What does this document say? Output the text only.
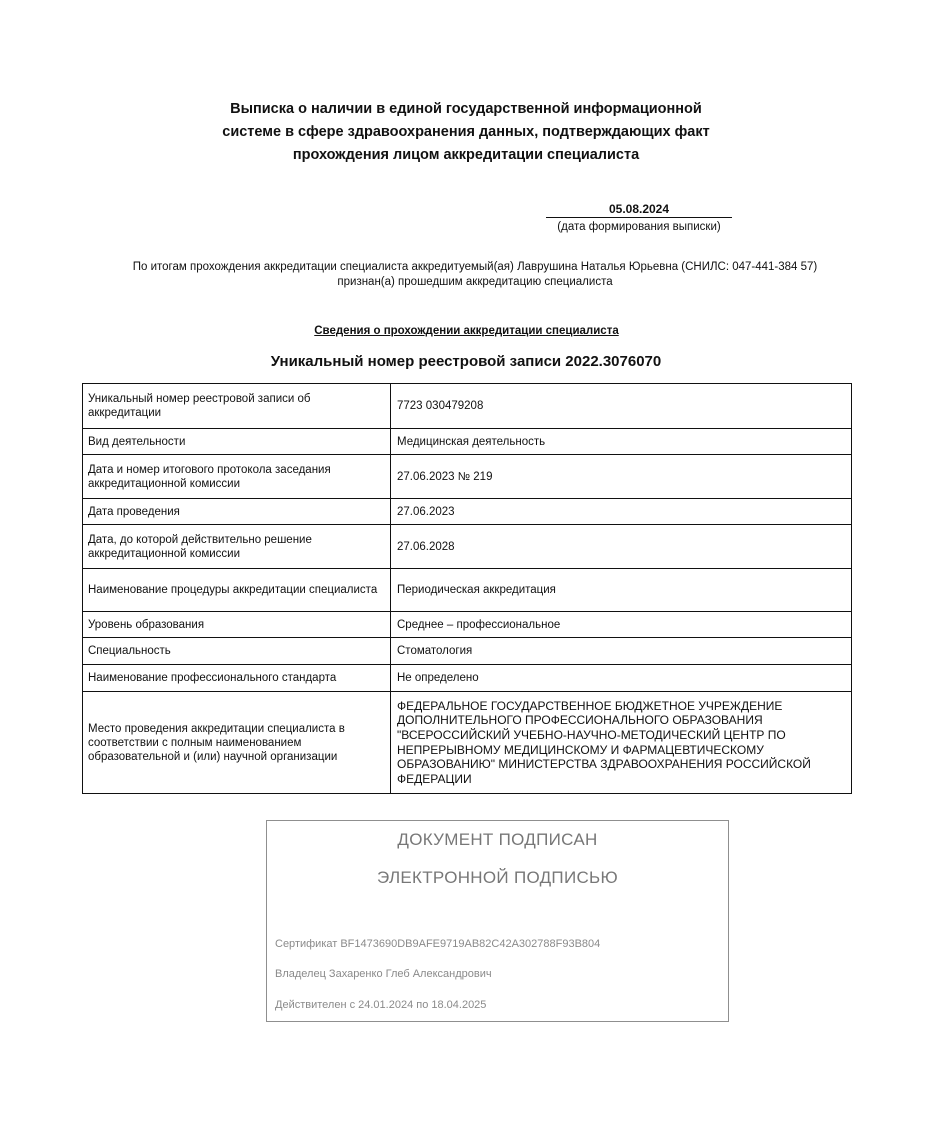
Выписка о наличии в единой государственной информационной
системе в сфере здравоохранения данных, подтверждающих факт
прохождения лицом аккредитации специалиста
05.08.2024
(дата формирования выписки)
По итогам прохождения аккредитации специалиста аккредитуемый(ая) Лаврушина Наталья Юрьевна (СНИЛС: 047-441-384 57)
признан(а) прошедшим аккредитацию специалиста
Сведения о прохождении аккредитации специалиста
Уникальный номер реестровой записи 2022.3076070
Уникальный номер реестровой записи об аккредитации	7723 030479208
Вид деятельности	Медицинская деятельность
Дата и номер итогового протокола заседания аккредитационной комиссии	27.06.2023 № 219
Дата проведения	27.06.2023
Дата, до которой действительно решение аккредитационной комиссии	27.06.2028
Наименование процедуры аккредитации специалиста	Периодическая аккредитация
Уровень образования	Среднее – профессиональное
Специальность	Стоматология
Наименование профессионального стандарта	Не определено
Место проведения аккредитации специалиста в соответствии с полным наименованием образовательной и (или) научной организации	ФЕДЕРАЛЬНОЕ ГОСУДАРСТВЕННОЕ БЮДЖЕТНОЕ УЧРЕЖДЕНИЕ ДОПОЛНИТЕЛЬНОГО ПРОФЕССИОНАЛЬНОГО ОБРАЗОВАНИЯ "ВСЕРОССИЙСКИЙ УЧЕБНО-НАУЧНО-МЕТОДИЧЕСКИЙ ЦЕНТР ПО НЕПРЕРЫВНОМУ МЕДИЦИНСКОМУ И ФАРМАЦЕВТИЧЕСКОМУ ОБРАЗОВАНИЮ" МИНИСТЕРСТВА ЗДРАВООХРАНЕНИЯ РОССИЙСКОЙ ФЕДЕРАЦИИ
ДОКУМЕНТ ПОДПИСАН
ЭЛЕКТРОННОЙ ПОДПИСЬЮ
Сертификат BF1473690DB9AFE9719AB82C42A302788F93B804
Владелец Захаренко Глеб Александрович
Действителен с 24.01.2024 по 18.04.2025
